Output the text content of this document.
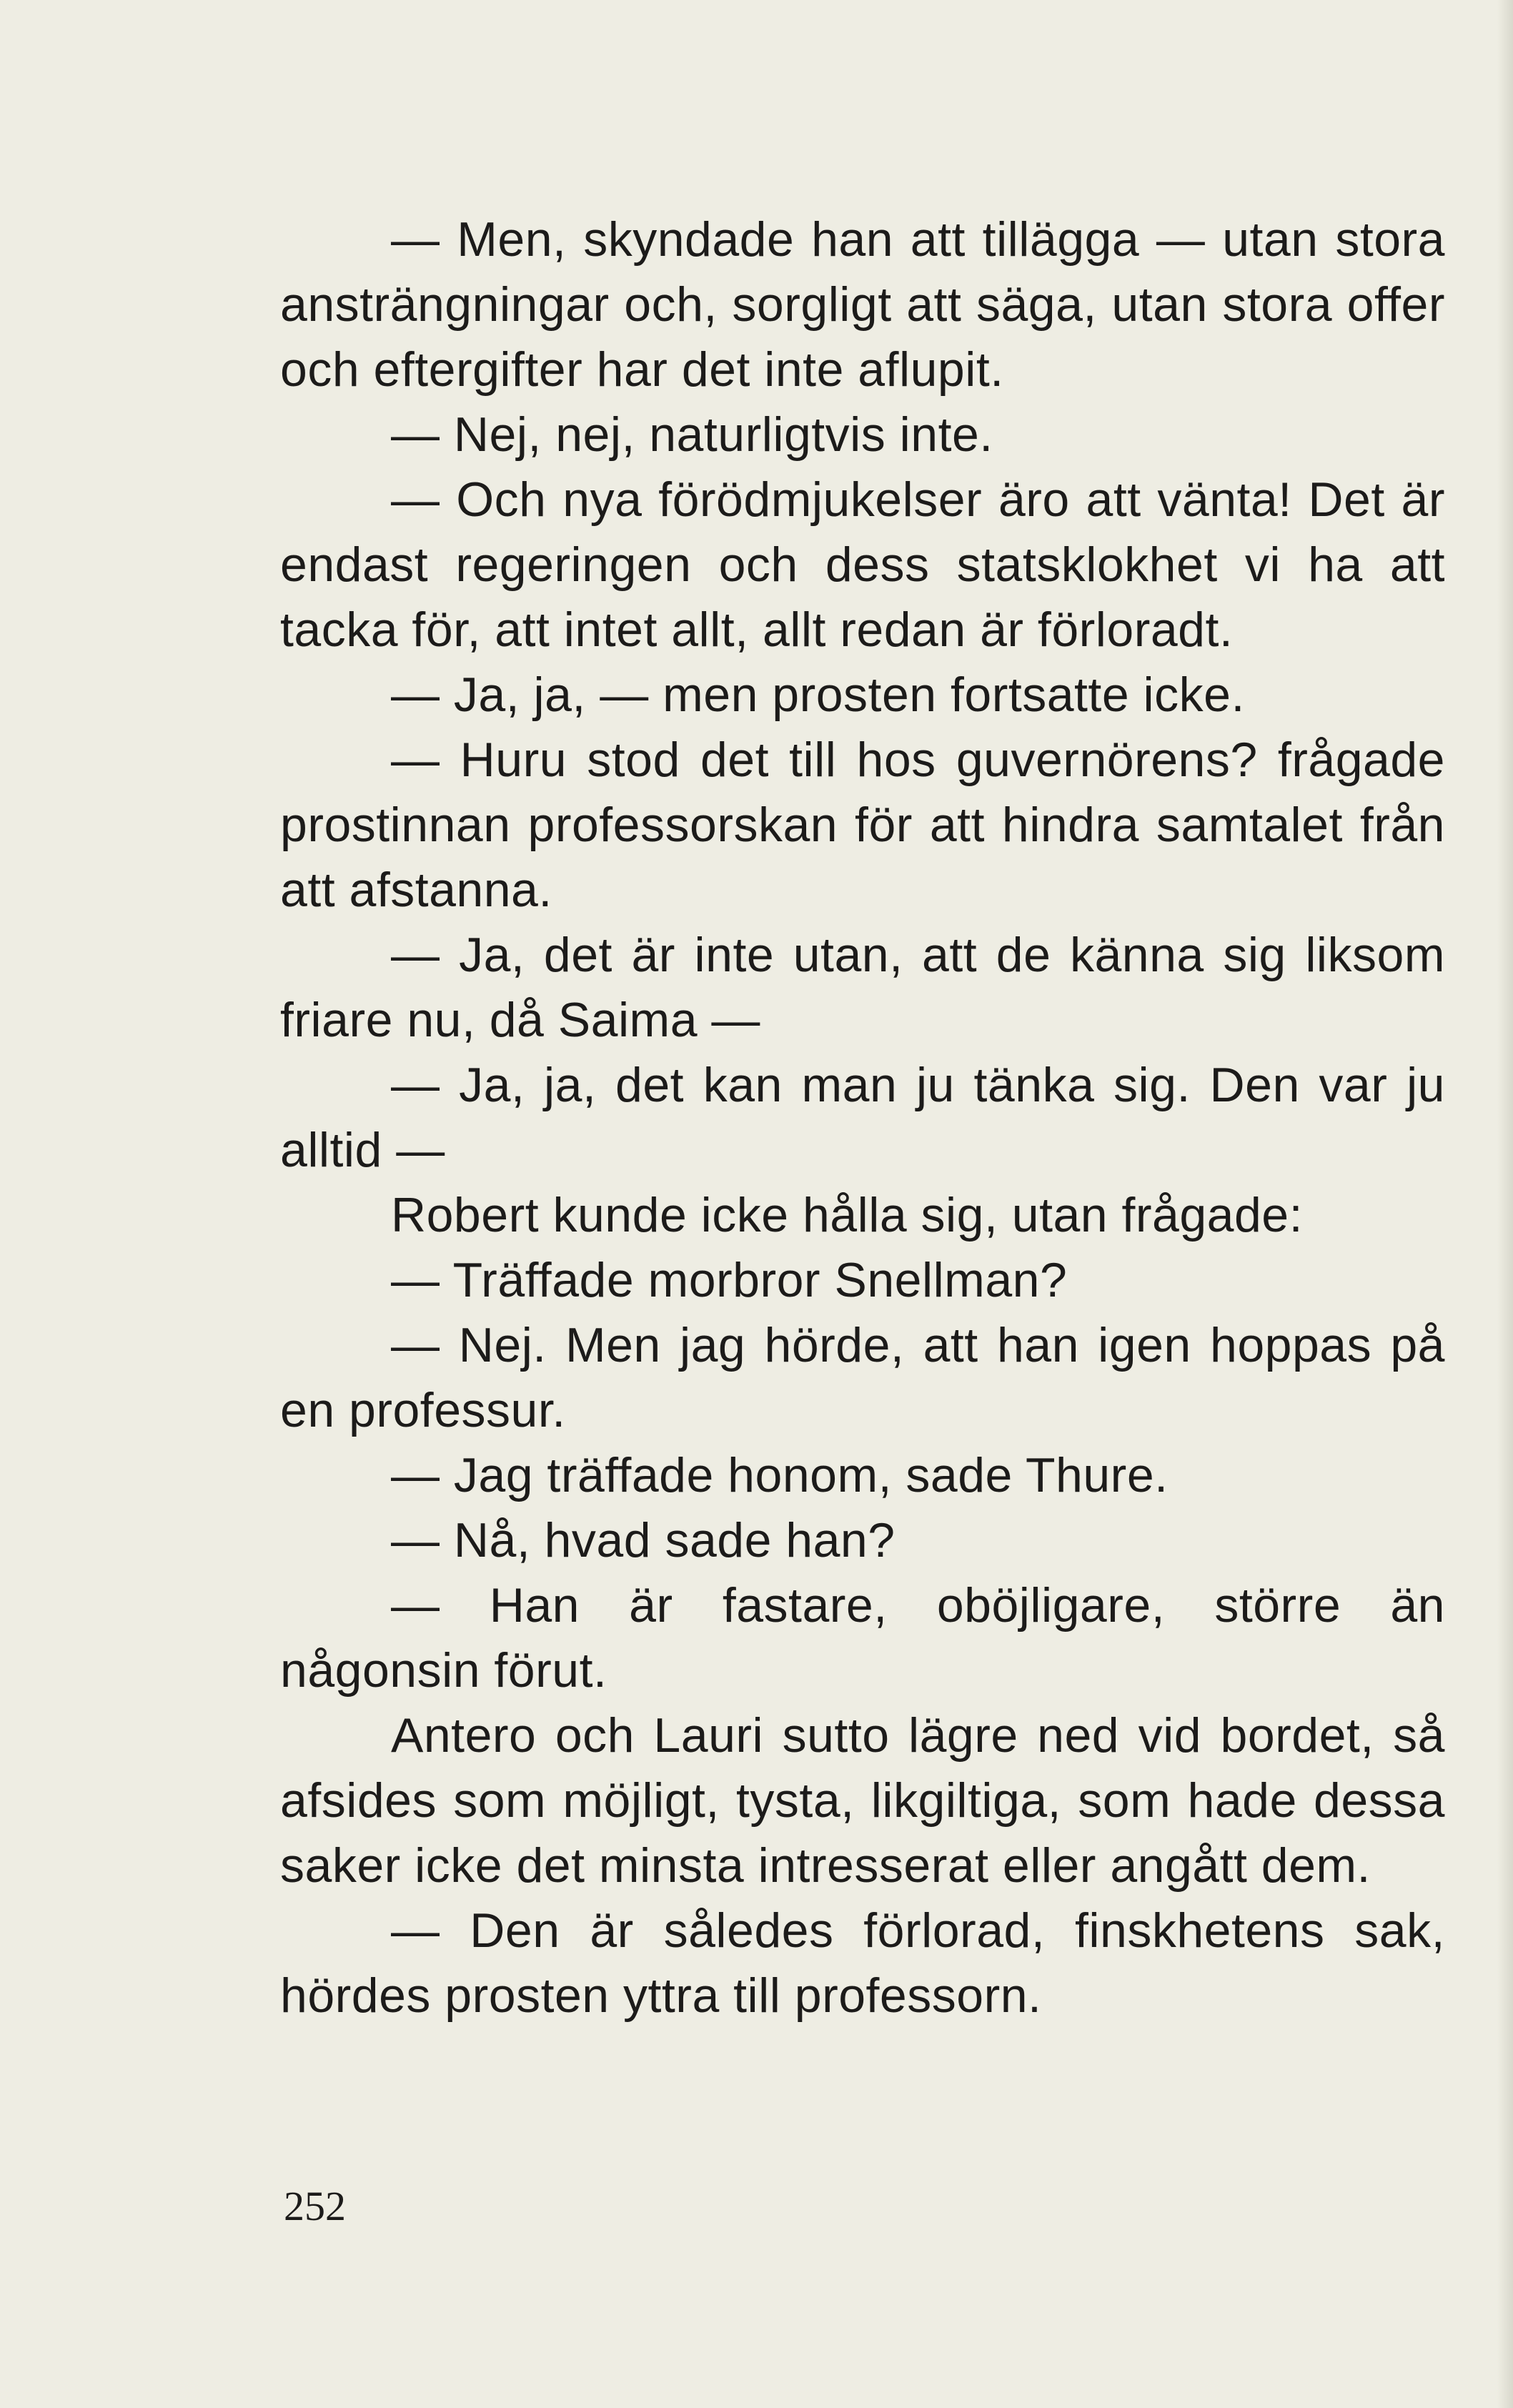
— Men, skyndade han att tillägga — utan stora ansträngningar och, sorgligt att säga, utan stora offer och eftergifter har det inte aflupit.

— Nej, nej, naturligtvis inte.

— Och nya förödmjukelser äro att vänta! Det är endast regeringen och dess statsklokhet vi ha att tacka för, att intet allt, allt redan är förloradt.

— Ja, ja, — men prosten fortsatte icke.

— Huru stod det till hos guvernörens? frågade prostinnan professorskan för att hindra samtalet från att afstanna.

— Ja, det är inte utan, att de känna sig liksom friare nu, då Saima —

— Ja, ja, det kan man ju tänka sig. Den var ju alltid —

Robert kunde icke hålla sig, utan frågade:

— Träffade morbror Snellman?

— Nej. Men jag hörde, att han igen hoppas på en professur.

— Jag träffade honom, sade Thure.

— Nå, hvad sade han?

— Han är fastare, oböjligare, större än någonsin förut.

Antero och Lauri sutto lägre ned vid bordet, så afsides som möjligt, tysta, likgiltiga, som hade dessa saker icke det minsta intresserat eller angått dem.

— Den är således förlorad, finskhetens sak, hördes prosten yttra till professorn.

252
